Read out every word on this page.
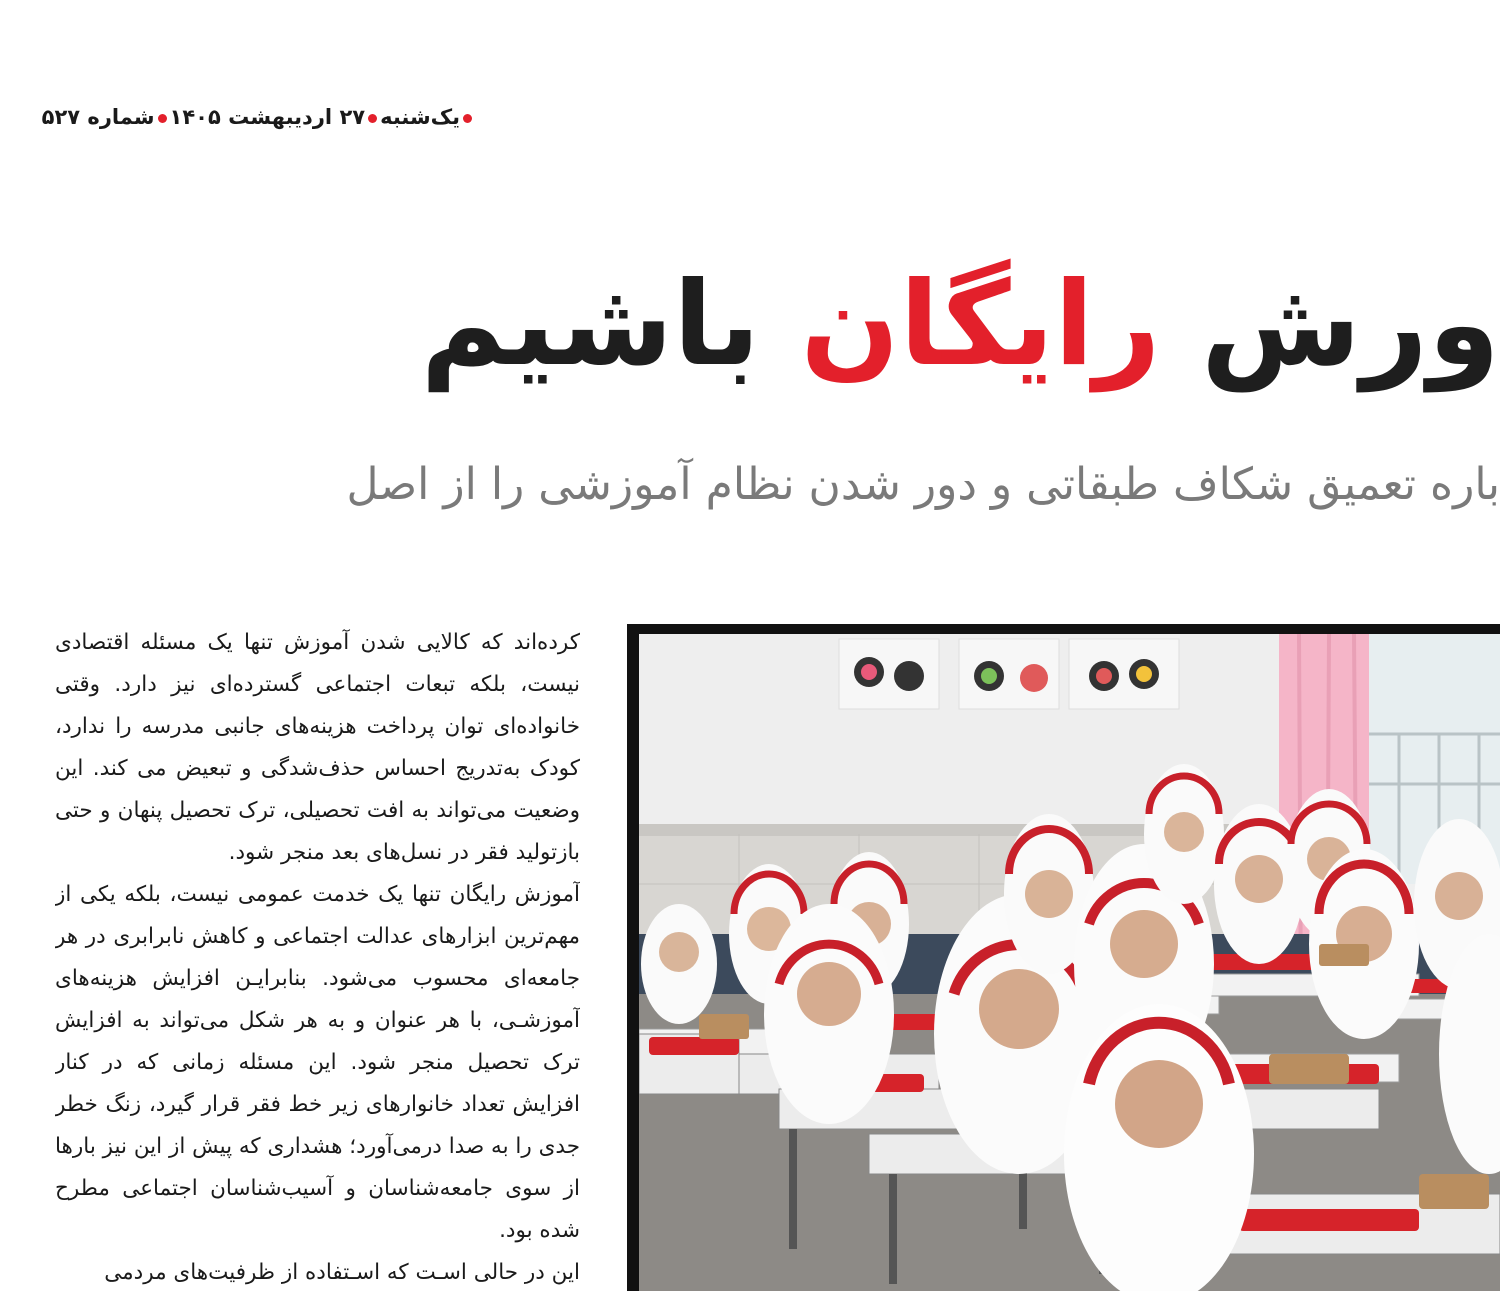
یک‌شنبه۲۷ اردیبهشت ۱۴۰۵شماره ۵۲۷
ورش رایگان باشیم
باره تعمیق شکاف طبقاتی و دور شدن نظام آموزشی را از اصل

کرده‌اند که کالایی شدن آموزش تنها یک مسئله اقتصادی نیست، بلکه تبعات اجتماعی گسترده‌ای نیز دارد. وقتی خانواده‌ای توان پرداخت هزینه‌های جانبی مدرسه را ندارد، کودک به‌تدریج احساس حذف‌شدگی و تبعیض می کند. این وضعیت می‌تواند به افت تحصیلی، ترک تحصیل پنهان و حتی بازتولید فقر در نسل‌های بعد منجر شود.

آموزش رایگان تنها یک خدمت عمومی نیست، بلکه یکی از مهم‌ترین ابزارهای عدالت اجتماعی و کاهش نابرابری در هر جامعه‌ای محسوب می‌شود. بنابرایـن افزایش هزینه‌های آموزشـی، با هر عنوان و به هر شکل می‌تواند به افزایش ترک تحصیل منجر شود. این مسئله زمانی که در کنار افزایش تعداد خانوارهای زیر خط فقر قرار گیرد، زنگ خطر جدی را به صدا درمی‌آورد؛ هشداری که پیش از این نیز بارها از سوی جامعه‌شناسان و آسیب‌شناسان اجتماعی مطرح شده بود.

این در حالی اسـت که اسـتفاده از ظرفیت‌های مردمی
